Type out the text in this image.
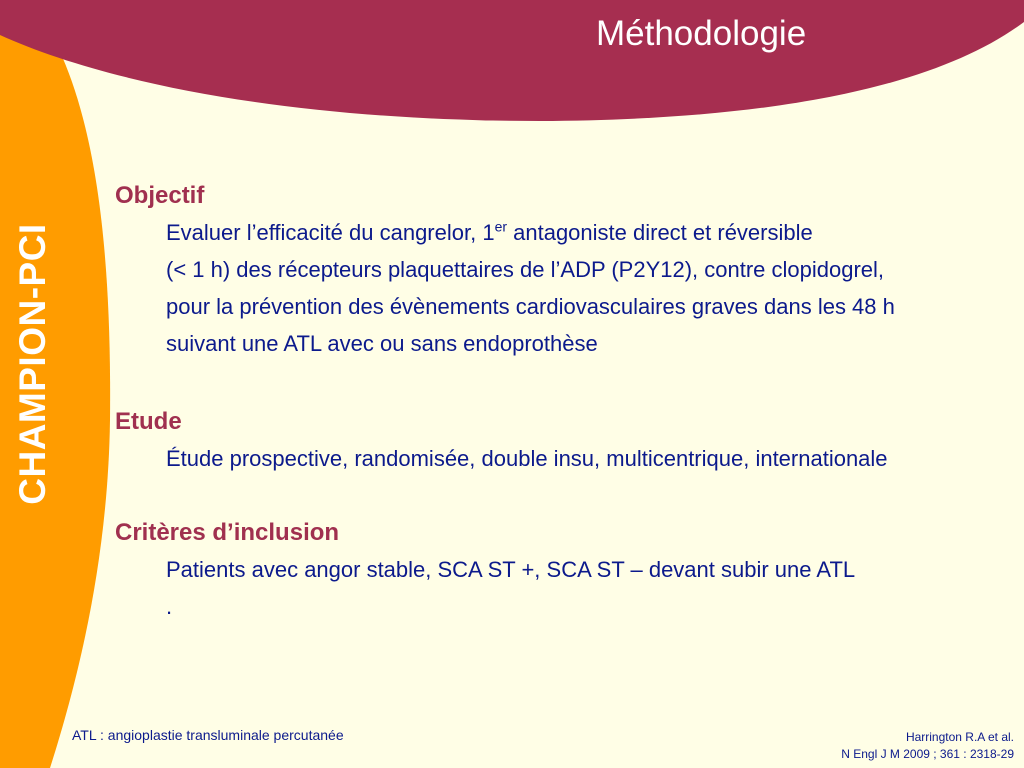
CHAMPION-PCI
Méthodologie
Objectif
Evaluer l’efficacité du cangrelor, 1er antagoniste direct et réversible
(< 1 h) des récepteurs plaquettaires de l’ADP (P2Y12), contre clopidogrel,
pour la prévention des évènements cardiovasculaires graves dans les 48 h
suivant une ATL avec ou sans endoprothèse
Etude
Étude prospective, randomisée, double insu, multicentrique, internationale
Critères d’inclusion
Patients avec angor stable, SCA ST +, SCA ST – devant subir une ATL
.
ATL : angioplastie transluminale percutanée	Harrington R.A et al.
N Engl J M 2009 ; 361 : 2318-29
